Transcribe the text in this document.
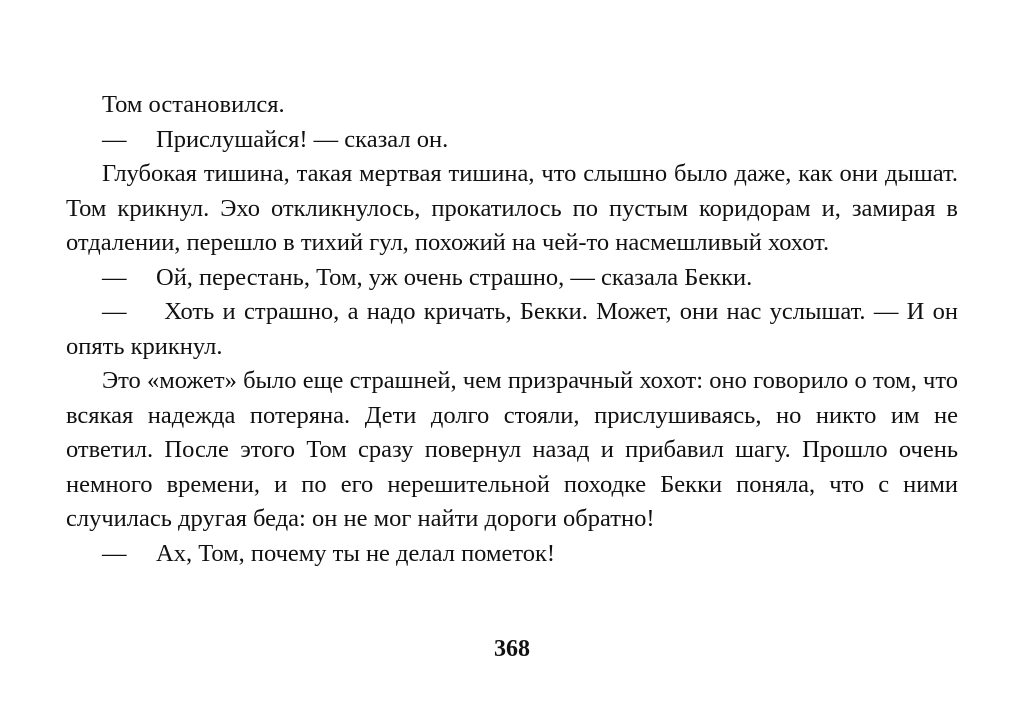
Том остановился.

— Прислушайся! — сказал он.

Глубокая тишина, такая мертвая тишина, что слышно было даже, как они дышат. Том крикнул. Эхо откликнулось, прокатилось по пустым коридорам и, замирая в отдалении, перешло в тихий гул, похожий на чей-то насмешливый хохот.

— Ой, перестань, Том, уж очень страшно, — сказала Бекки.

— Хоть и страшно, а надо кричать, Бекки. Может, они нас услышат. — И он опять крикнул.

Это «может» было еще страшней, чем призрачный хохот: оно говорило о том, что всякая надежда потеряна. Дети долго стояли, прислушиваясь, но никто им не ответил. После этого Том сразу повернул назад и прибавил шагу. Прошло очень немного времени, и по его нерешительной походке Бекки поняла, что с ними случилась другая беда: он не мог найти дороги обратно!

— Ах, Том, почему ты не делал пометок!

368
